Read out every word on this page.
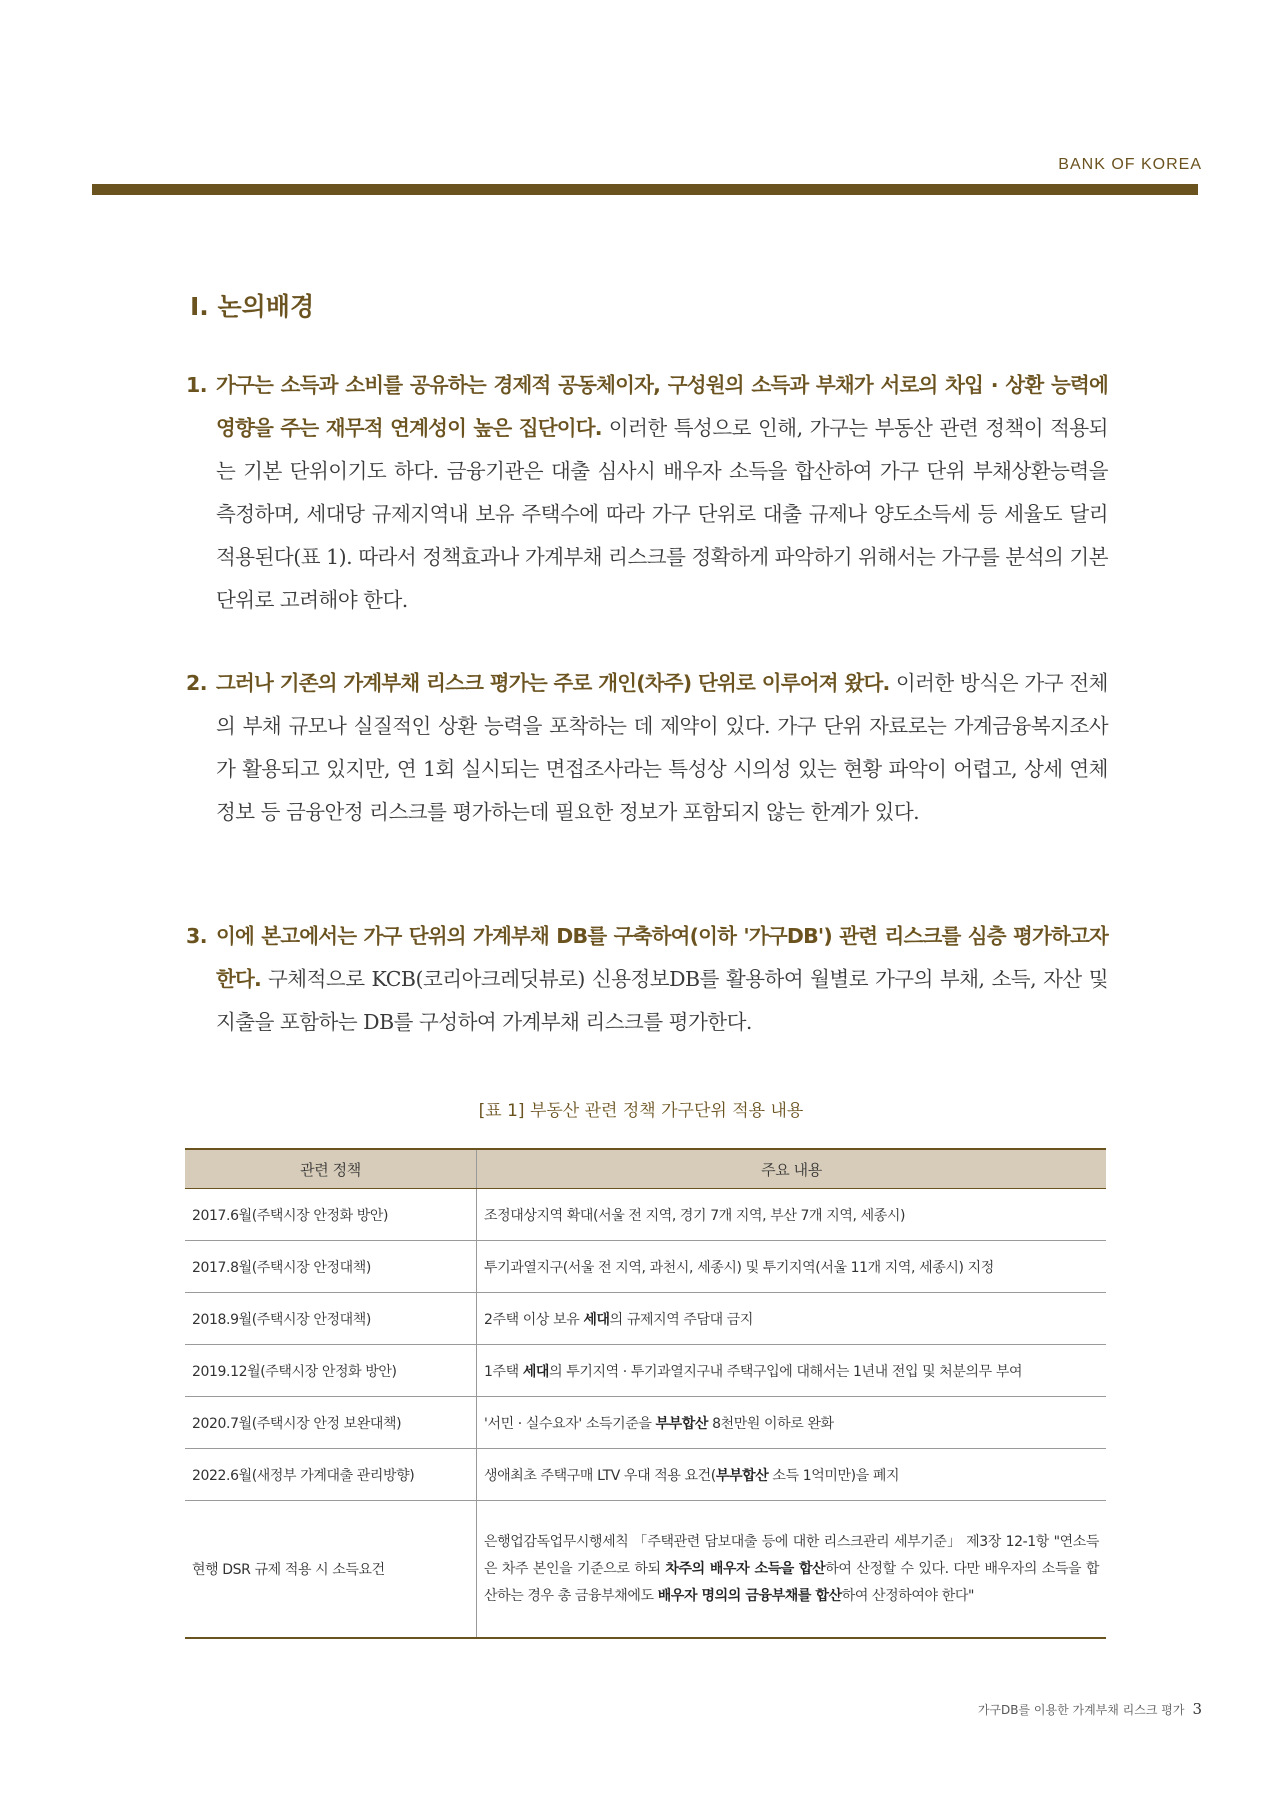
BANK OF KOREA
Ⅰ. 논의배경
1. 가구는 소득과 소비를 공유하는 경제적 공동체이자, 구성원의 소득과 부채가 서로의 차입 · 상환 능력에 영향을 주는 재무적 연계성이 높은 집단이다. 이러한 특성으로 인해, 가구는 부동산 관련 정책이 적용되는 기본 단위이기도 하다. 금융기관은 대출 심사시 배우자 소득을 합산하여 가구 단위 부채상환능력을 측정하며, 세대당 규제지역내 보유 주택수에 따라 가구 단위로 대출 규제나 양도소득세 등 세율도 달리 적용된다(표 1). 따라서 정책효과나 가계부채 리스크를 정확하게 파악하기 위해서는 가구를 분석의 기본 단위로 고려해야 한다.
2. 그러나 기존의 가계부채 리스크 평가는 주로 개인(차주) 단위로 이루어져 왔다. 이러한 방식은 가구 전체의 부채 규모나 실질적인 상환 능력을 포착하는 데 제약이 있다. 가구 단위 자료로는 가계금융복지조사가 활용되고 있지만, 연 1회 실시되는 면접조사라는 특성상 시의성 있는 현황 파악이 어렵고, 상세 연체 정보 등 금융안정 리스크를 평가하는데 필요한 정보가 포함되지 않는 한계가 있다.
3. 이에 본고에서는 가구 단위의 가계부채 DB를 구축하여(이하 '가구DB') 관련 리스크를 심층 평가하고자 한다. 구체적으로 KCB(코리아크레딧뷰로) 신용정보DB를 활용하여 월별로 가구의 부채, 소득, 자산 및 지출을 포함하는 DB를 구성하여 가계부채 리스크를 평가한다.
[표 1] 부동산 관련 정책 가구단위 적용 내용
관련 정책	주요 내용
2017.6월(주택시장 안정화 방안)	조정대상지역 확대(서울 전 지역, 경기 7개 지역, 부산 7개 지역, 세종시)
2017.8월(주택시장 안정대책)	투기과열지구(서울 전 지역, 과천시, 세종시) 및 투기지역(서울 11개 지역, 세종시) 지정
2018.9월(주택시장 안정대책)	2주택 이상 보유 세대의 규제지역 주담대 금지
2019.12월(주택시장 안정화 방안)	1주택 세대의 투기지역 · 투기과열지구내 주택구입에 대해서는 1년내 전입 및 처분의무 부여
2020.7월(주택시장 안정 보완대책)	'서민 · 실수요자' 소득기준을 부부합산 8천만원 이하로 완화
2022.6월(새정부 가계대출 관리방향)	생애최초 주택구매 LTV 우대 적용 요건(부부합산 소득 1억미만)을 폐지
현행 DSR 규제 적용 시 소득요건	은행업감독업무시행세칙 「주택관련 담보대출 등에 대한 리스크관리 세부기준」 제3장 12-1항 "연소득은 차주 본인을 기준으로 하되 차주의 배우자 소득을 합산하여 산정할 수 있다. 다만 배우자의 소득을 합산하는 경우 총 금융부채에도 배우자 명의의 금융부채를 합산하여 산정하여야 한다"
가구DB를 이용한 가계부채 리스크 평가 3
